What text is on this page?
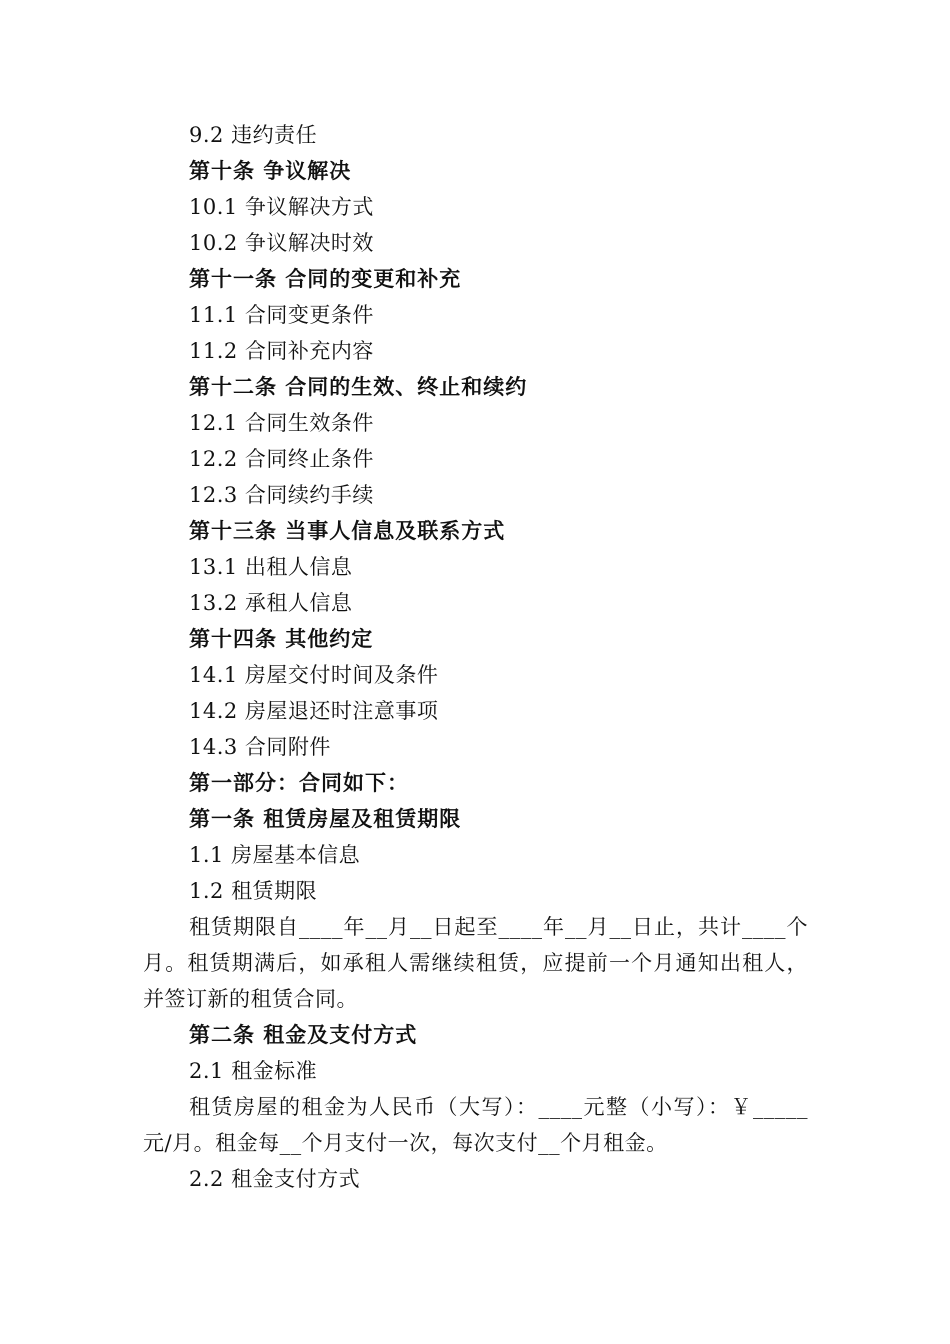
9.2 违约责任
第十条 争议解决
10.1 争议解决方式
10.2 争议解决时效
第十一条 合同的变更和补充
11.1 合同变更条件
11.2 合同补充内容
第十二条 合同的生效、终止和续约
12.1 合同生效条件
12.2 合同终止条件
12.3 合同续约手续
第十三条 当事人信息及联系方式
13.1 出租人信息
13.2 承租人信息
第十四条 其他约定
14.1 房屋交付时间及条件
14.2 房屋退还时注意事项
14.3 合同附件
第一部分：合同如下：
第一条 租赁房屋及租赁期限
1.1 房屋基本信息
1.2 租赁期限
租赁期限自____年__月__日起至____年__月__日止，共计____个月。租赁期满后，如承租人需继续租赁，应提前一个月通知出租人，并签订新的租赁合同。
第二条 租金及支付方式
2.1 租金标准
租赁房屋的租金为人民币（大写）：____元整（小写）：￥_____元/月。租金每__个月支付一次，每次支付__个月租金。
2.2 租金支付方式
